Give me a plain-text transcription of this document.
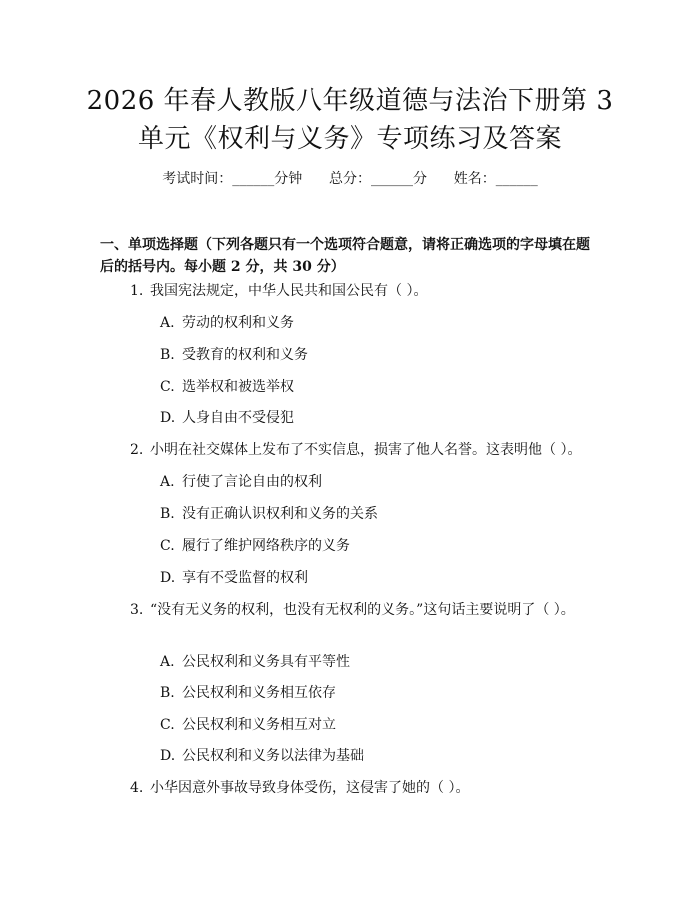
2026 年春人教版八年级道德与法治下册第 3
单元《权利与义务》专项练习及答案
考试时间：______分钟      总分：______分      姓名：______
一、单项选择题（下列各题只有一个选项符合题意，请将正确选项的字母填在题后的括号内。每小题 2 分，共 30 分）
1. 我国宪法规定，中华人民共和国公民有（ ）。
A. 劳动的权利和义务
B. 受教育的权利和义务
C. 选举权和被选举权
D. 人身自由不受侵犯
2. 小明在社交媒体上发布了不实信息，损害了他人名誉。这表明他（ ）。
A. 行使了言论自由的权利
B. 没有正确认识权利和义务的关系
C. 履行了维护网络秩序的义务
D. 享有不受监督的权利
3. “没有无义务的权利，也没有无权利的义务。”这句话主要说明了（ ）。
A. 公民权利和义务具有平等性
B. 公民权利和义务相互依存
C. 公民权利和义务相互对立
D. 公民权利和义务以法律为基础
4. 小华因意外事故导致身体受伤，这侵害了她的（ ）。
